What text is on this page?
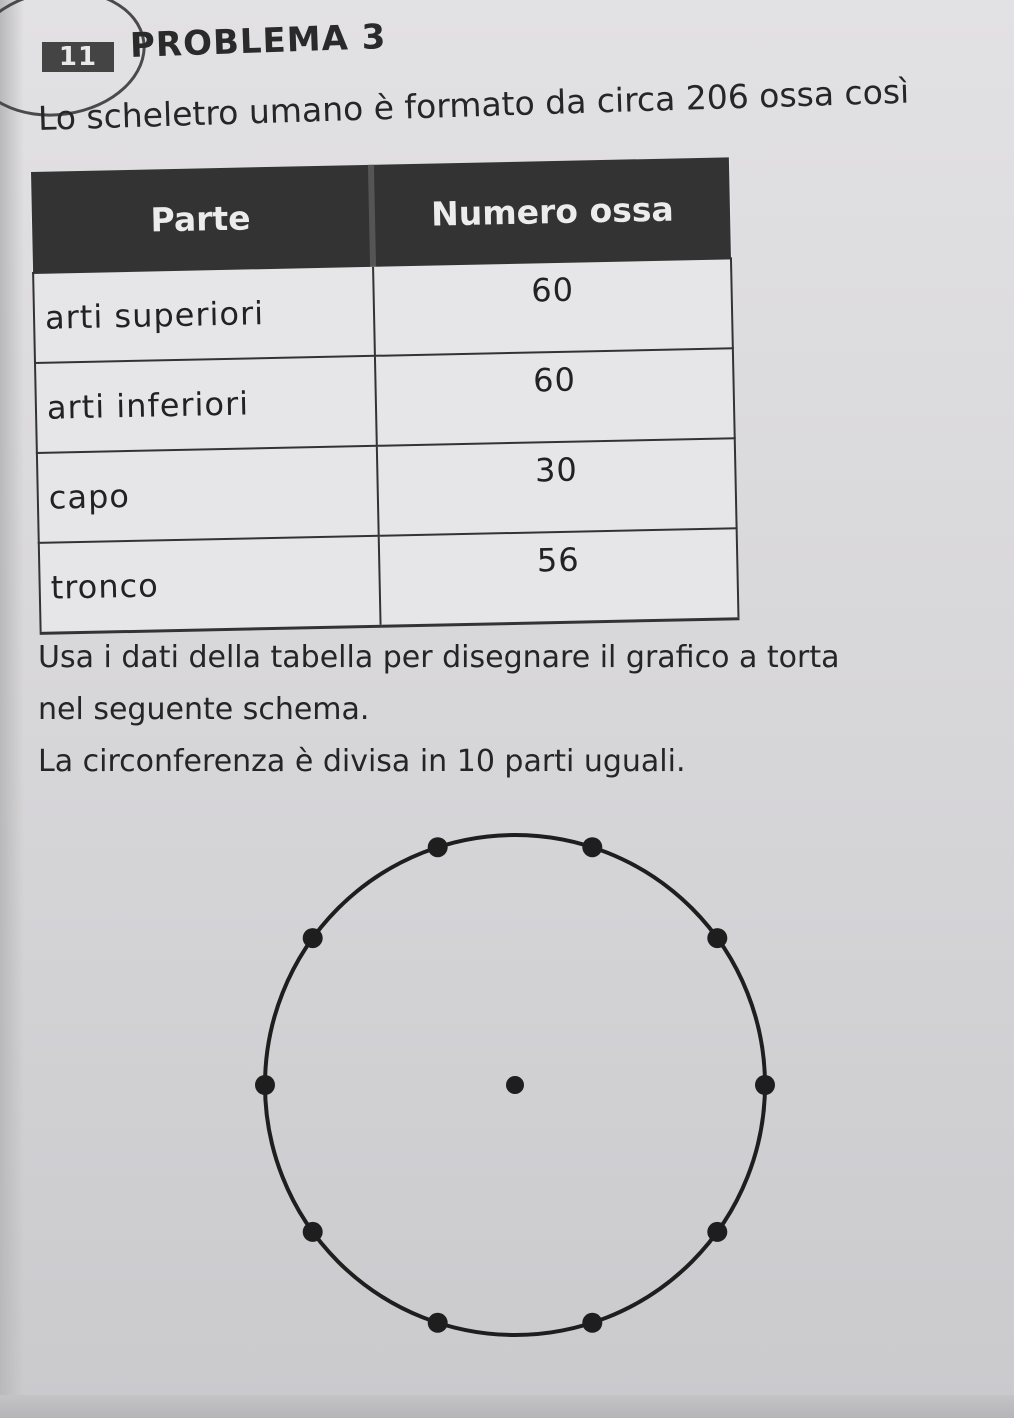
11 PROBLEMA 3
Lo scheletro umano è formato da circa 206 ossa così
Parte	Numero ossa
arti superiori	60
arti inferiori	60
capo	30
tronco	56
Usa i dati della tabella per disegnare il grafico a torta
nel seguente schema.
La circonferenza è divisa in 10 parti uguali.
